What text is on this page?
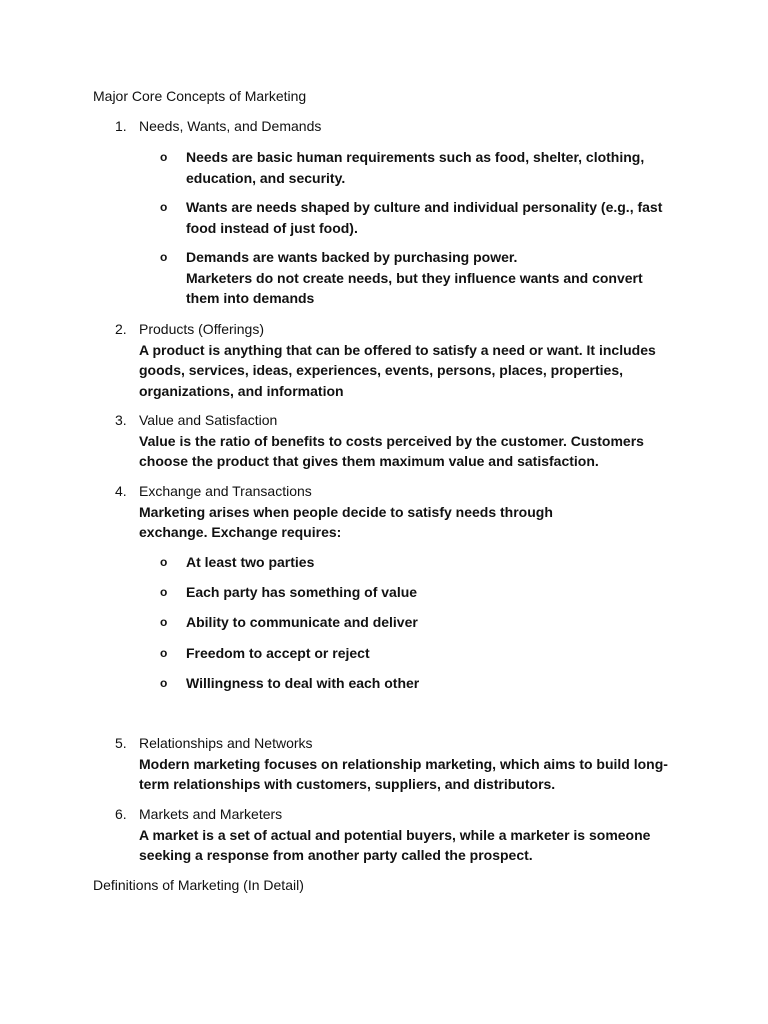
Major Core Concepts of Marketing
1. Needs, Wants, and Demands
o Needs are basic human requirements such as food, shelter, clothing, education, and security.
o Wants are needs shaped by culture and individual personality (e.g., fast food instead of just food).
o Demands are wants backed by purchasing power.
Marketers do not create needs, but they influence wants and convert them into demands
2. Products (Offerings)
A product is anything that can be offered to satisfy a need or want. It includes goods, services, ideas, experiences, events, persons, places, properties, organizations, and information
3. Value and Satisfaction
Value is the ratio of benefits to costs perceived by the customer. Customers choose the product that gives them maximum value and satisfaction.
4. Exchange and Transactions
Marketing arises when people decide to satisfy needs through exchange. Exchange requires:
o At least two parties
o Each party has something of value
o Ability to communicate and deliver
o Freedom to accept or reject
o Willingness to deal with each other
5. Relationships and Networks
Modern marketing focuses on relationship marketing, which aims to build long-term relationships with customers, suppliers, and distributors.
6. Markets and Marketers
A market is a set of actual and potential buyers, while a marketer is someone seeking a response from another party called the prospect.
Definitions of Marketing (In Detail)
